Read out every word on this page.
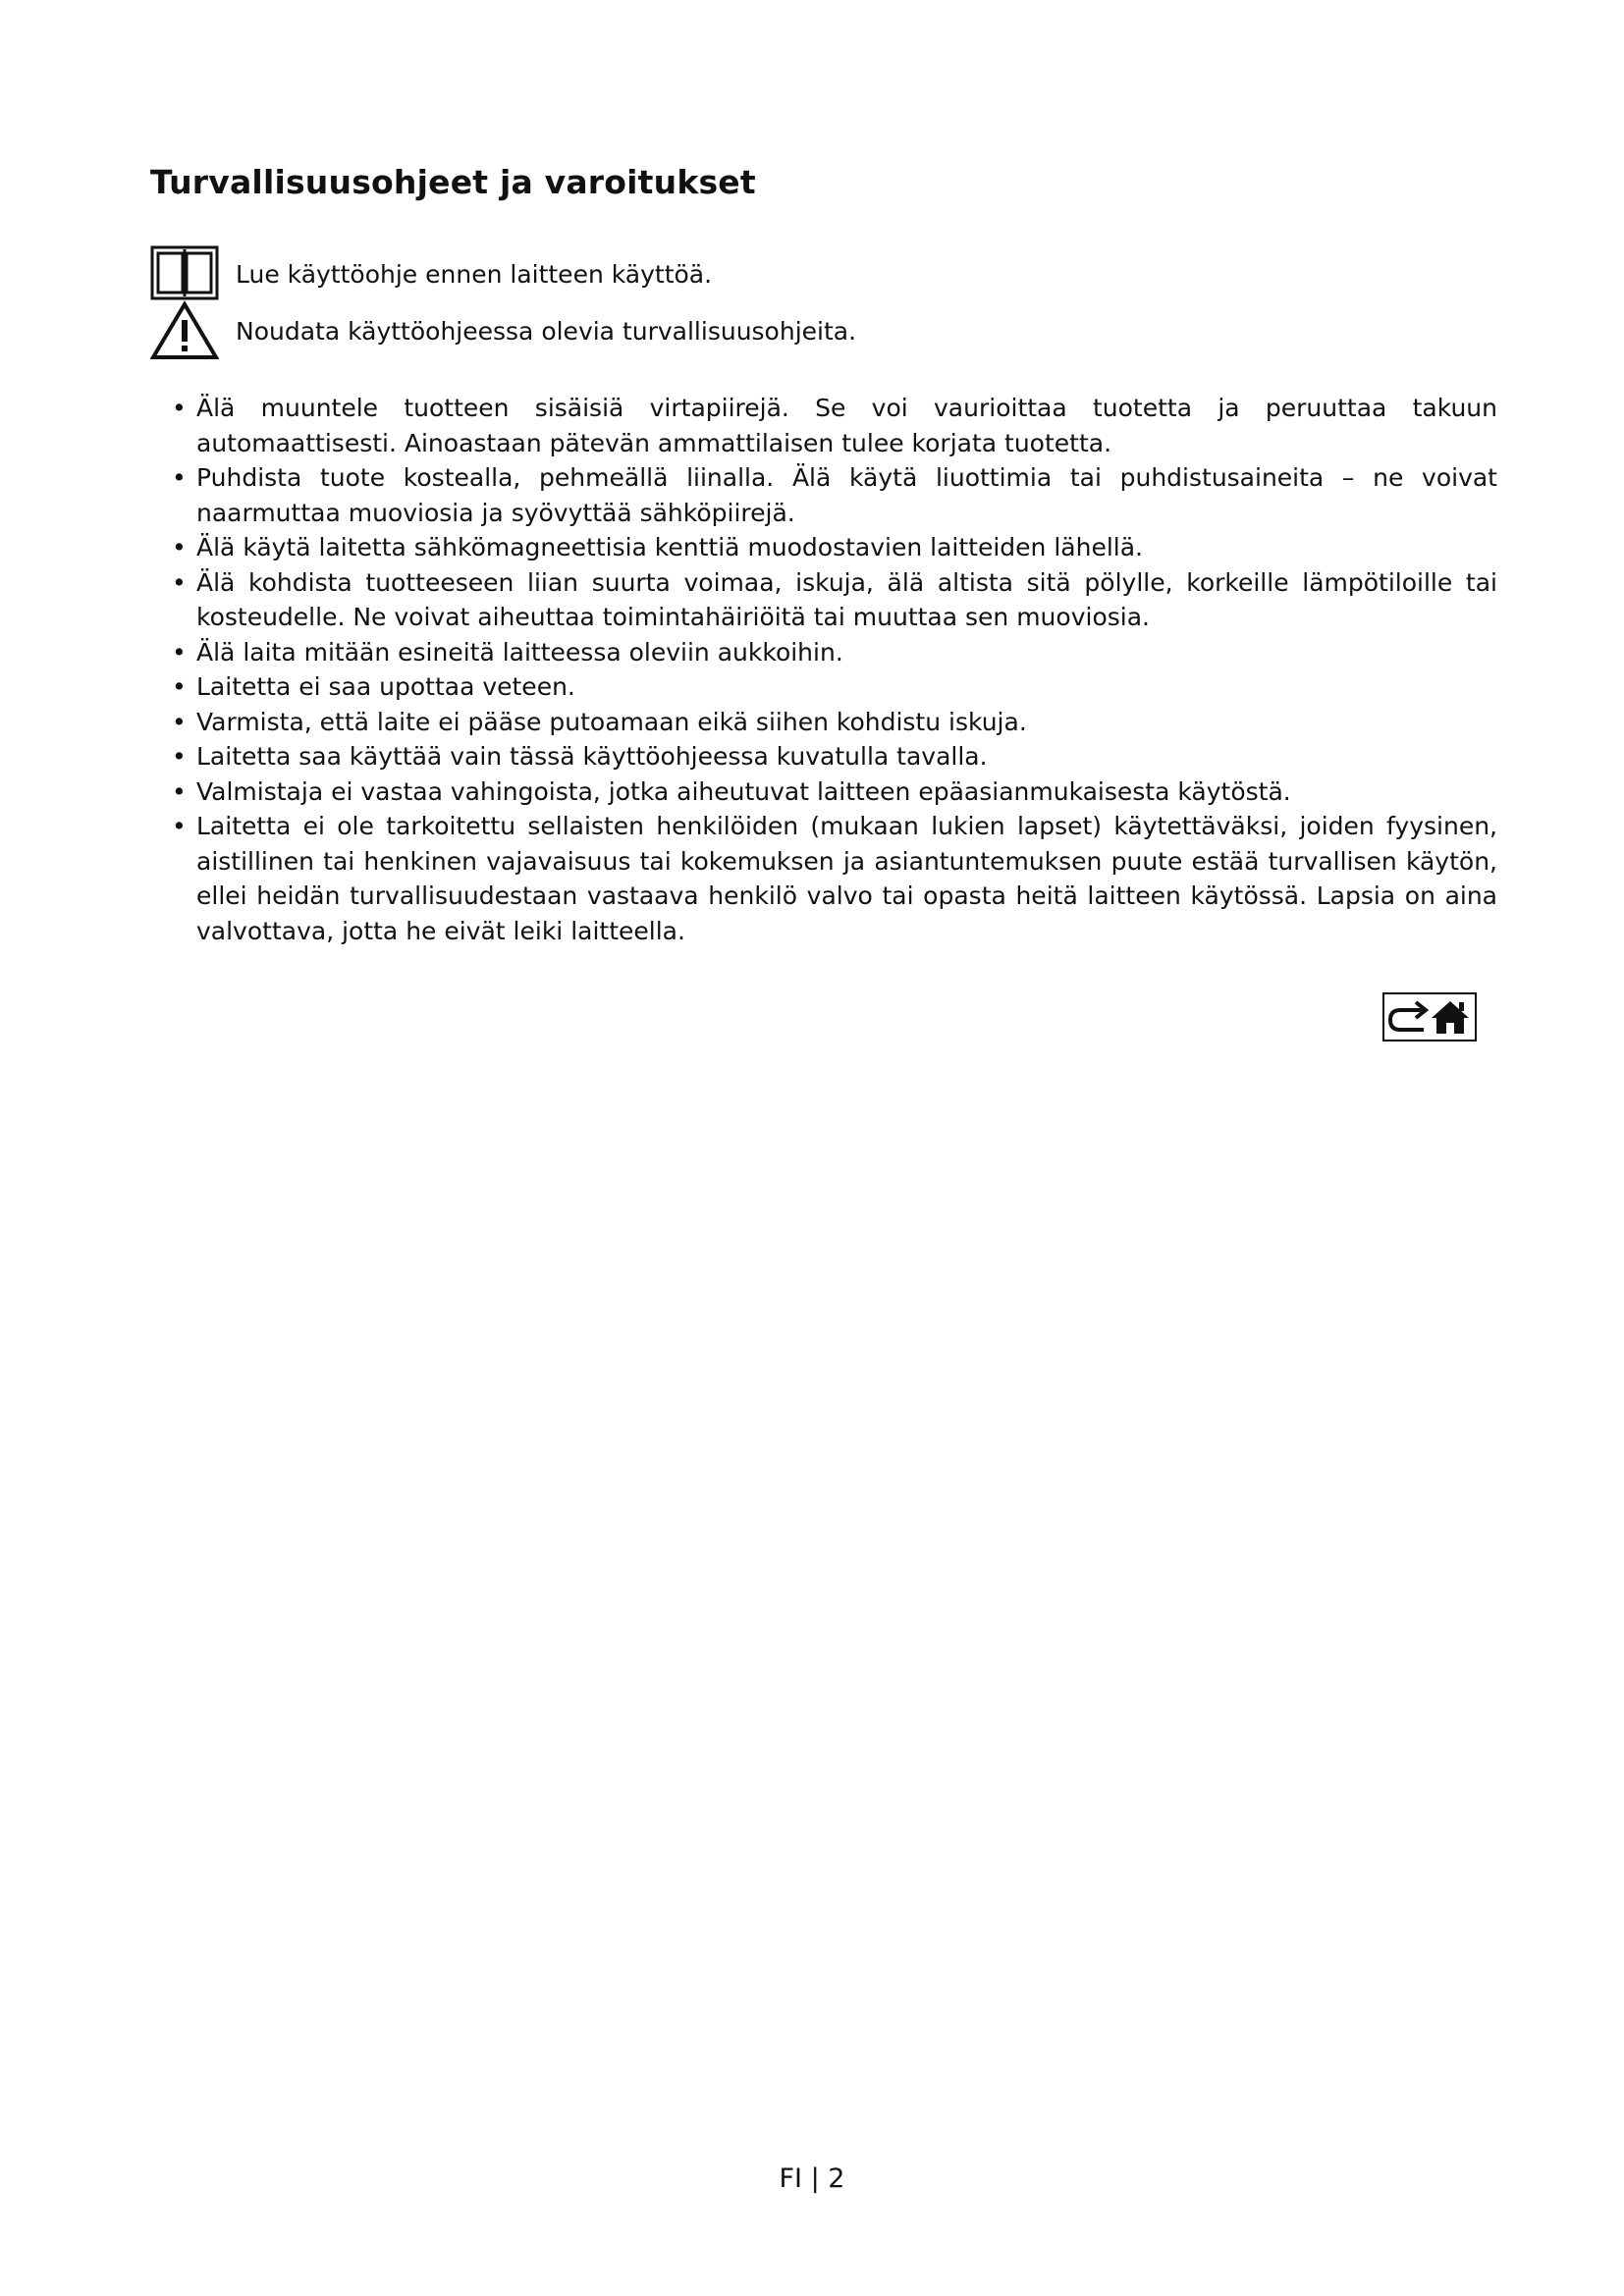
Turvallisuusohjeet ja varoitukset
Lue käyttöohje ennen laitteen käyttöä.
Noudata käyttöohjeessa olevia turvallisuusohjeita.
• Älä muuntele tuotteen sisäisiä virtapiirejä. Se voi vaurioittaa tuotetta ja peruuttaa takuun automaattisesti. Ainoastaan pätevän ammattilaisen tulee korjata tuotetta.
• Puhdista tuote kostealla, pehmeällä liinalla. Älä käytä liuottimia tai puhdistusaineita – ne voivat naarmuttaa muoviosia ja syövyttää sähköpiirejä.
• Älä käytä laitetta sähkömagneettisia kenttiä muodostavien laitteiden lähellä.
• Älä kohdista tuotteeseen liian suurta voimaa, iskuja, älä altista sitä pölylle, korkeille lämpötiloille tai kosteudelle. Ne voivat aiheuttaa toimintahäiriöitä tai muuttaa sen muoviosia.
• Älä laita mitään esineitä laitteessa oleviin aukkoihin.
• Laitetta ei saa upottaa veteen.
• Varmista, että laite ei pääse putoamaan eikä siihen kohdistu iskuja.
• Laitetta saa käyttää vain tässä käyttöohjeessa kuvatulla tavalla.
• Valmistaja ei vastaa vahingoista, jotka aiheutuvat laitteen epäasianmukaisesta käytöstä.
• Laitetta ei ole tarkoitettu sellaisten henkilöiden (mukaan lukien lapset) käytettäväksi, joiden fyysinen, aistillinen tai henkinen vajavaisuus tai kokemuksen ja asiantuntemuksen puute estää turvallisen käytön, ellei heidän turvallisuudestaan vastaava henkilö valvo tai opasta heitä laitteen käytössä. Lapsia on aina valvottava, jotta he eivät leiki laitteella.
FI | 2
